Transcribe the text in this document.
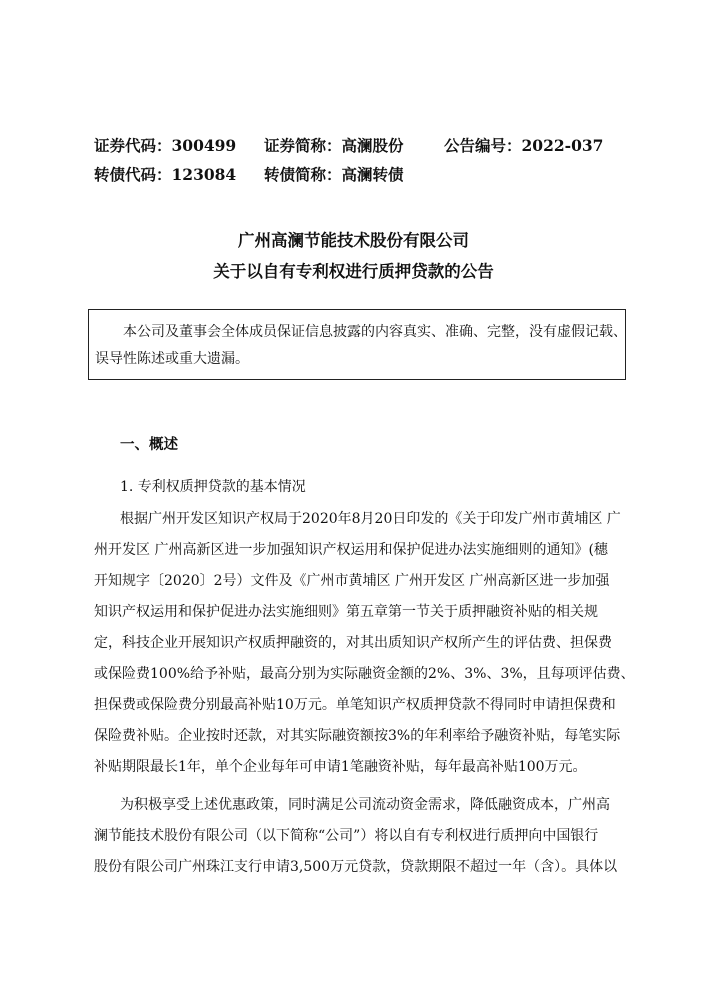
证券代码：300499 证券简称：高澜股份	公告编号：2022-037
转债代码：123084 转债简称：高澜转债
广州高澜节能技术股份有限公司
关于以自有专利权进行质押贷款的公告
本公司及董事会全体成员保证信息披露的内容真实、准确、完整，没有虚假记载、
误导性陈述或重大遗漏。
一、概述
1. 专利权质押贷款的基本情况
根据广州开发区知识产权局于2020年8月20日印发的《关于印发广州市黄埔区 广
州开发区 广州高新区进一步加强知识产权运用和保护促进办法实施细则的通知》(穗
开知规字〔2020〕2号）文件及《广州市黄埔区 广州开发区 广州高新区进一步加强
知识产权运用和保护促进办法实施细则》第五章第一节关于质押融资补贴的相关规
定，科技企业开展知识产权质押融资的，对其出质知识产权所产生的评估费、担保费
或保险费100%给予补贴，最高分别为实际融资金额的2%、3%、3%，且每项评估费、
担保费或保险费分别最高补贴10万元。单笔知识产权质押贷款不得同时申请担保费和
保险费补贴。企业按时还款，对其实际融资额按3%的年利率给予融资补贴，每笔实际
补贴期限最长1年，单个企业每年可申请1笔融资补贴，每年最高补贴100万元。
为积极享受上述优惠政策，同时满足公司流动资金需求，降低融资成本，广州高
澜节能技术股份有限公司（以下简称“公司”）将以自有专利权进行质押向中国银行
股份有限公司广州珠江支行申请3,500万元贷款，贷款期限不超过一年（含）。具体以
